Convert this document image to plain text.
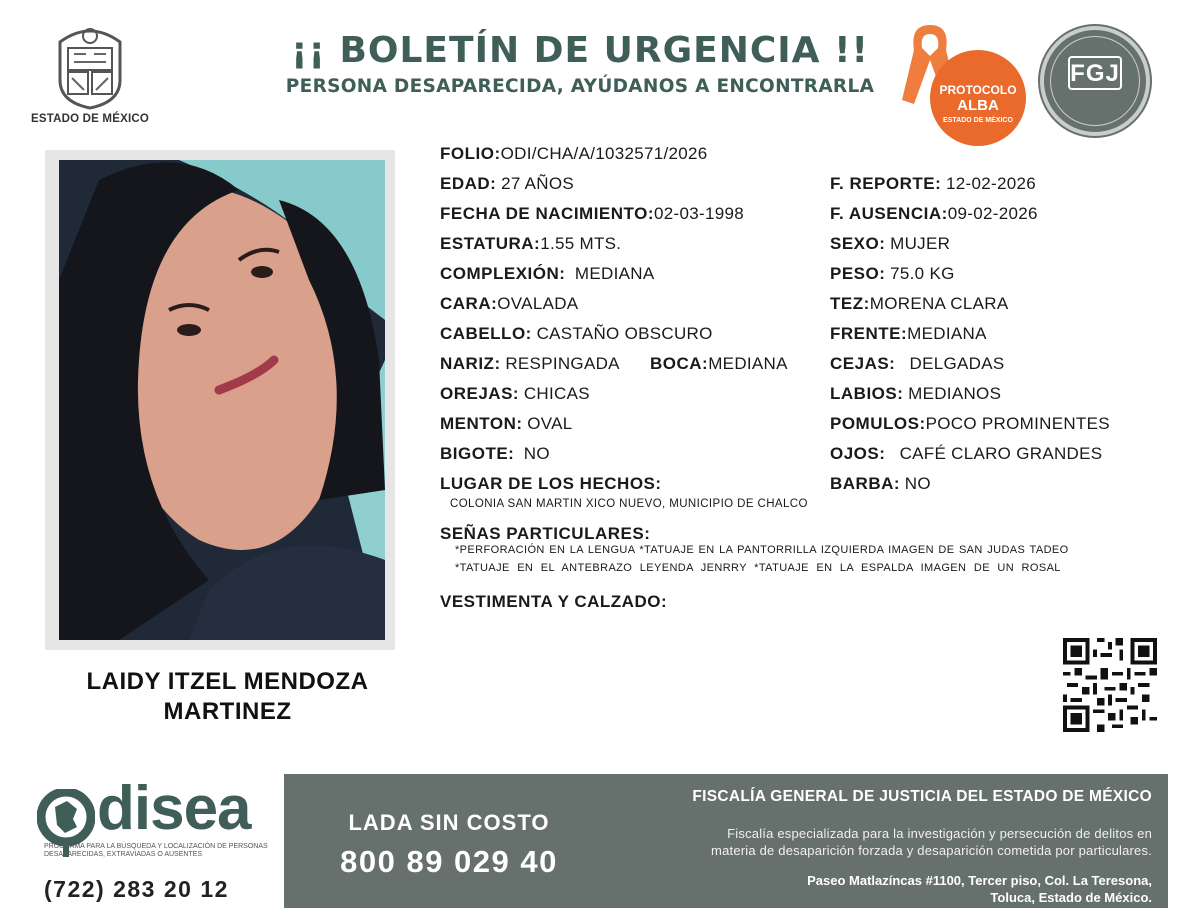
ESTADO DE MÉXICO
¡¡ BOLETÍN DE URGENCIA !!
PERSONA DESAPARECIDA, AYÚDANOS A ENCONTRARLA	PROTOCOLO
ALBA
ESTADO DE MÉXICO
FGJ
LAIDY ITZEL MENDOZA
MARTINEZ
FOLIO:ODI/CHA/A/1032571/2026
EDAD: 27 AÑOS
FECHA DE NACIMIENTO:02-03-1998
ESTATURA:1.55 MTS.
COMPLEXIÓN: MEDIANA
CARA:OVALADA
CABELLO: CASTAÑO OBSCURO
NARIZ: RESPINGADA BOCA:MEDIANA
OREJAS: CHICAS
MENTON: OVAL
BIGOTE: NO
LUGAR DE LOS HECHOS:
COLONIA SAN MARTIN XICO NUEVO, MUNICIPIO DE CHALCO
F. REPORTE: 12-02-2026
F. AUSENCIA:09-02-2026
SEXO: MUJER
PESO: 75.0 KG
TEZ:MORENA CLARA
FRENTE:MEDIANA
CEJAS: DELGADAS
LABIOS: MEDIANOS
POMULOS:POCO PROMINENTES
OJOS: CAFÉ CLARO GRANDES
BARBA: NO
SEÑAS PARTICULARES:
*PERFORACIÓN EN LA LENGUA *TATUAJE EN LA PANTORRILLA IZQUIERDA IMAGEN DE SAN JUDAS TADEO
*TATUAJE EN EL ANTEBRAZO LEYENDA JENRRY *TATUAJE EN LA ESPALDA IMAGEN DE UN ROSAL
VESTIMENTA Y CALZADO:
disea
PROGRAMA PARA LA BÚSQUEDA Y LOCALIZACIÓN DE PERSONAS DESAPARECIDAS, EXTRAVIADAS O AUSENTES
(722) 283 20 12
LADA SIN COSTO
800 89 029 40
FISCALÍA GENERAL DE JUSTICIA DEL ESTADO DE MÉXICO
Fiscalía especializada para la investigación y persecución de delitos en
materia de desaparición forzada y desaparición cometida por particulares.
Paseo Matlazíncas #1100, Tercer piso, Col. La Teresona,
Toluca, Estado de México.
